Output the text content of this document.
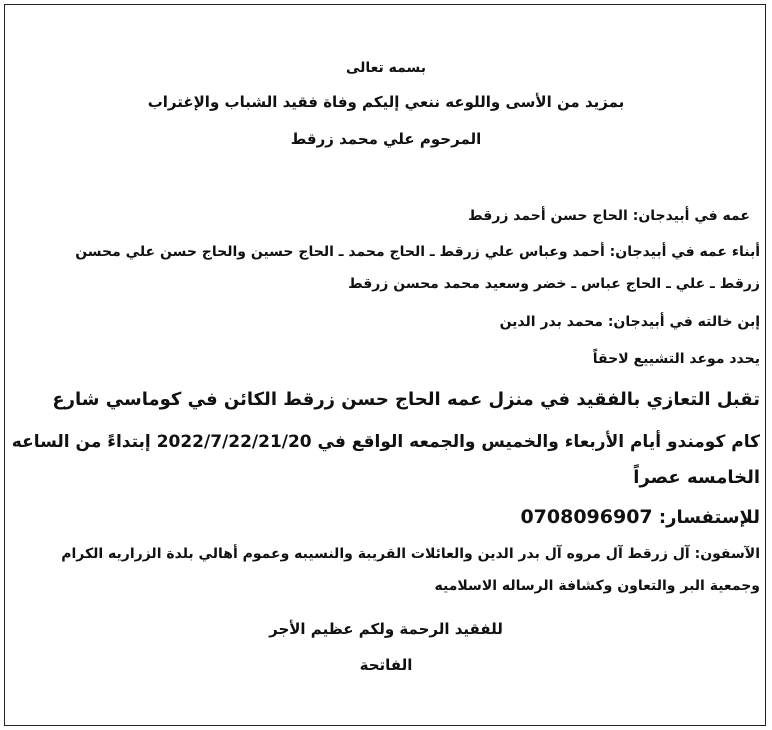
بسمه تعالى
بمزيد من الأسى واللوعه ننعي إليكم وفاة فقيد الشباب والإغتراب
المرحوم علي محمد زرقط
عمه في أبيدجان: الحاج حسن أحمد زرقط
أبناء عمه في أبيدجان: أحمد وعباس علي زرقط ـ الحاج محمد ـ الحاج حسين والحاج حسن علي محسن
زرقط ـ علي ـ الحاج عباس ـ خضر وسعيد محمد محسن زرقط
إبن خالته في أبيدجان: محمد بدر الدين
يحدد موعد التشييع لاحقاً
تقبل التعازي بالفقيد في منزل عمه الحاج حسن زرقط الكائن في كوماسي شارع
كام كومندو أيام الأربعاء والخميس والجمعه الواقع في 2022/7/22/21/20 إبتداءً من الساعه
الخامسه عصراً
للإستفسار: 0708096907
الآسفون: آل زرقط آل مروه آل بدر الدين والعائلات القريبة والنسيبه وعموم أهالي بلدة الزراريه الكرام
وجمعية البر والتعاون وكشافة الرساله الاسلاميه
للفقيد الرحمة ولكم عظيم الأجر
الفاتحة
